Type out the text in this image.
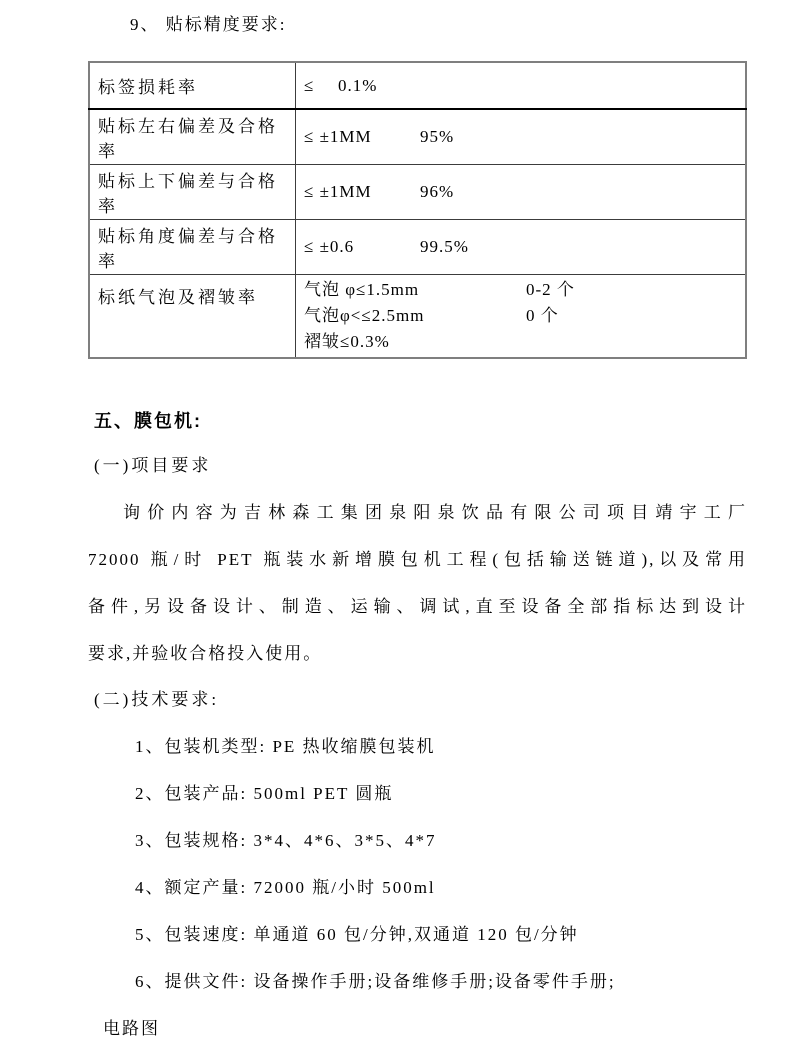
9、 贴标精度要求:

标签损耗率	≤ 0.1%

贴标左右偏差及合格率	≤ ±1MM 95%

贴标上下偏差与合格率	≤ ±1MM 96%

贴标角度偏差与合格率	≤ ±0.6 99.5%

标纸气泡及褶皱率	气泡 φ≤1.5mm 0-2 个
气泡φ<≤2.5mm 0 个
褶皱≤0.3%

五、膜包机:

(一)项目要求

询价内容为吉林森工集团泉阳泉饮品有限公司项目靖宇工厂
72000 瓶/时 PET 瓶装水新增膜包机工程(包括输送链道),以及常用
备件,另设备设计、制造、运输、调试,直至设备全部指标达到设计
要求,并验收合格投入使用。

(二)技术要求:

1、包装机类型: PE 热收缩膜包装机
2、包装产品: 500ml PET 圆瓶
3、包装规格: 3*4、4*6、3*5、4*7
4、额定产量: 72000 瓶/小时 500ml
5、包装速度: 单通道 60 包/分钟,双通道 120 包/分钟
6、提供文件: 设备操作手册;设备维修手册;设备零件手册;
电路图
